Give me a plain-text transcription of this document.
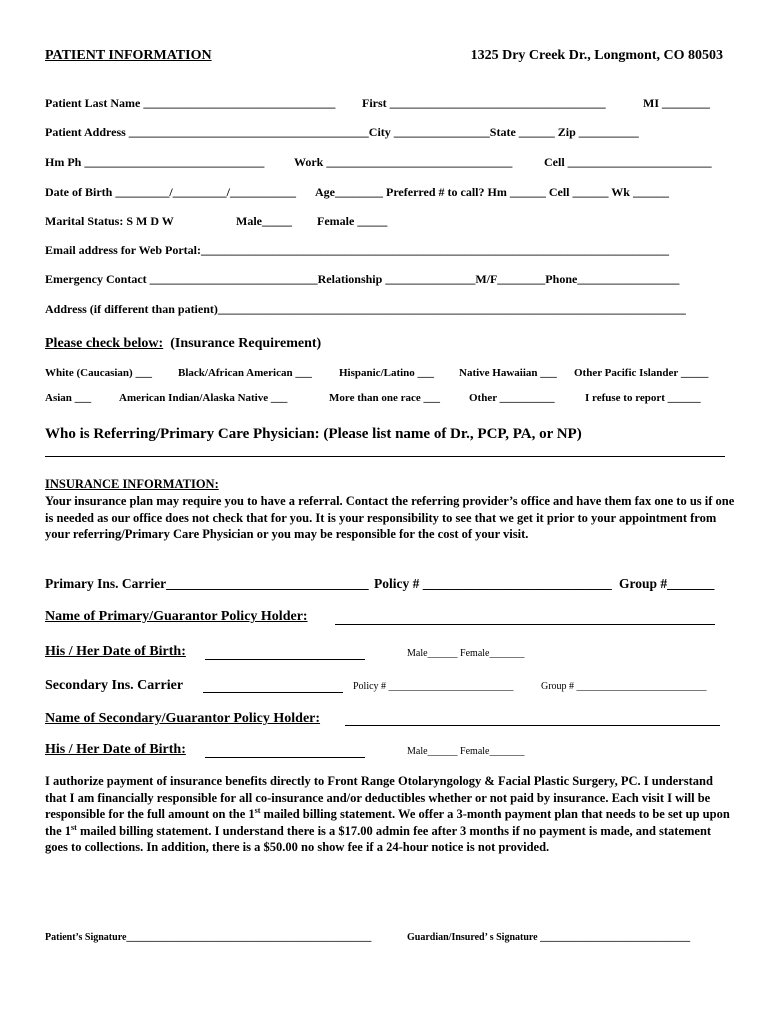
PATIENT INFORMATION	1325 Dry Creek Dr., Longmont, CO 80503
Patient Last Name ________________________________ First ____________________________________	MI ________
Patient Address ________________________________________City ________________State ______ Zip __________
Hm Ph ______________________________ Work _______________________________	Cell ________________________
Date of Birth _________/_________/___________ Age________ Preferred # to call? Hm ______ Cell ______ Wk ______
Marital Status: S M D W	Male_____ Female _____
Email address for Web Portal:______________________________________________________________________________
Emergency Contact ____________________________Relationship _______________M/F________Phone_________________
Address (if different than patient)______________________________________________________________________________
Please check below: (Insurance Requirement)
White (Caucasian) ___ Black/African American ___ Hispanic/Latino ___ Native Hawaiian ___ Other Pacific Islander _____
Asian ___	American Indian/Alaska Native ___	More than one race ___	Other __________	I refuse to report ______
Who is Referring/Primary Care Physician: (Please list name of Dr., PCP, PA, or NP)
INSURANCE INFORMATION:
Your insurance plan may require you to have a referral. Contact the referring provider’s office and have them fax one to us if one is needed as our office does not check that for you. It is your responsibility to see that we get it prior to your appointment from your referring/Primary Care Physician or you may be responsible for the cost of your visit.
Primary Ins. Carrier______________________________ Policy # ____________________________ Group #_______
Name of Primary/Guarantor Policy Holder:
His / Her Date of Birth:	Male______ Female_______
Secondary Ins. Carrier	Policy # _________________________	Group # __________________________
Name of Secondary/Guarantor Policy Holder:
His / Her Date of Birth:	Male______ Female_______
I authorize payment of insurance benefits directly to Front Range Otolaryngology & Facial Plastic Surgery, PC. I understand that I am financially responsible for all co-insurance and/or deductibles whether or not paid by insurance. Each visit I will be responsible for the full amount on the 1st mailed billing statement. We offer a 3-month payment plan that needs to be set up upon the 1st mailed billing statement. I understand there is a $17.00 admin fee after 3 months if no payment is made, and statement goes to collections. In addition, there is a $50.00 no show fee if a 24-hour notice is not provided.
Patient’s Signature_________________________________________________	Guardian/Insured’ s Signature ______________________________
